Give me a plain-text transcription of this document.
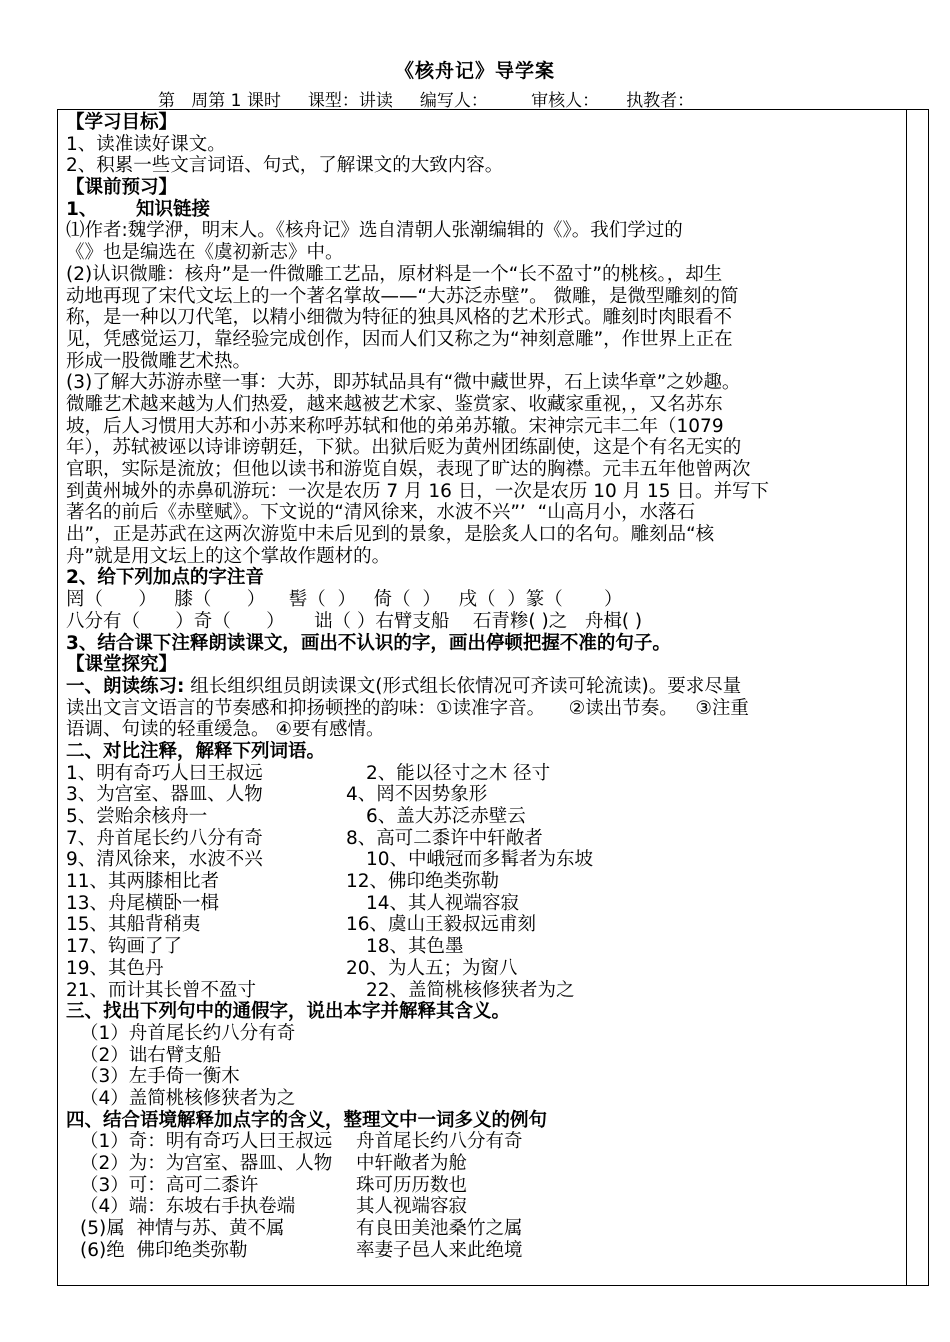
《核舟记》导学案
第   周第 1 课时     课型：讲读     编写人：        审核人：     执教者：
【学习目标】
1、读准读好课文。
2、积累一些文言词语、句式，了解课文的大致内容。
【课前预习】
1、      知识链接
⑴作者:魏学洢，明末人。《核舟记》选自清朝人张潮编辑的《》。我们学过的
《》也是编选在《虞初新志》中。
(2)认识微雕：核舟”是一件微雕工艺品，原材料是一个“长不盈寸”的桃核。，却生
动地再现了宋代文坛上的一个著名掌故——“大苏泛赤壁”。 微雕，是微型雕刻的简
称，是一种以刀代笔，以精小细微为特征的独具风格的艺术形式。雕刻时肉眼看不
见，凭感觉运刀，靠经验完成创作，因而人们又称之为“神刻意雕”，作世界上正在
形成一股微雕艺术热。
(3)了解大苏游赤壁一事：大苏，即苏轼品具有“微中藏世界，石上读华章”之妙趣。
微雕艺术越来越为人们热爱，越来越被艺术家、鉴赏家、收藏家重视，，又名苏东
坡，后人习惯用大苏和小苏来称呼苏轼和他的弟弟苏辙。宋神宗元丰二年（1079
年），苏轼被诬以诗诽谤朝廷，下狱。出狱后贬为黄州团练副使，这是个有名无实的
官职，实际是流放；但他以读书和游览自娱，表现了旷达的胸襟。元丰五年他曾两次
到黄州城外的赤鼻矶游玩：一次是农历 7 月 16 日，一次是农历 10 月 15 日。并写下
著名的前后《赤壁赋》。下文说的“清风徐来，水波不兴”’  “山高月小，水落石
出”，正是苏武在这两次游览中未后见到的景象，是脍炙人口的名句。雕刻品“核
舟”就是用文坛上的这个掌故作题材的。
2、给下列加点的字注音
罔（      ）   膝（      ）    髻（  ）   倚（  ）   戌（  ）篆（       ）
八分有（      ）奇（      ）     诎（ ）右臂支船    石青糁( )之   舟楫( )
3、结合课下注释朗读课文，画出不认识的字，画出停顿把握不准的句子。
【课堂探究】
一、朗读练习: 组长组织组员朗读课文(形式组长依情况可齐读可轮流读)。要求尽量
读出文言文语言的节奏感和抑扬顿挫的韵味：①读准字音。    ②读出节奏。   ③注重
语调、句读的轻重缓急。 ④要有感情。
二、对比注释，解释下列词语。
1、明有奇巧人曰王叔远	2、能以径寸之木 径寸
3、为宫室、器皿、人物	4、罔不因势象形
5、尝贻余核舟一	6、盖大苏泛赤壁云
7、舟首尾长约八分有奇	8、高可二黍许中轩敞者
9、清风徐来，水波不兴	10、中峨冠而多髯者为东坡
11、其两膝相比者	12、佛印绝类弥勒
13、舟尾横卧一楫	14、其人视端容寂
15、其船背稍夷	16、虞山王毅叔远甫刻
17、钩画了了	18、其色墨
19、其色丹	20、为人五；为窗八
21、而计其长曾不盈寸	22、盖简桃核修狭者为之
三、找出下列句中的通假字，说出本字并解释其含义。
（1）舟首尾长约八分有奇
（2）诎右臂支船
（3）左手倚一衡木
（4）盖简桃核修狭者为之
四、结合语境解释加点字的含义，整理文中一词多义的例句
（1）奇：明有奇巧人曰王叔远 舟首尾长约八分有奇
（2）为：为宫室、器皿、人物 中轩敞者为舱
（3）可：高可二黍许	珠可历历数也
（4）端：东坡右手执卷端	其人视端容寂
(5)属  神情与苏、黄不属	有良田美池桑竹之属
(6)绝  佛印绝类弥勒	率妻子邑人来此绝境
